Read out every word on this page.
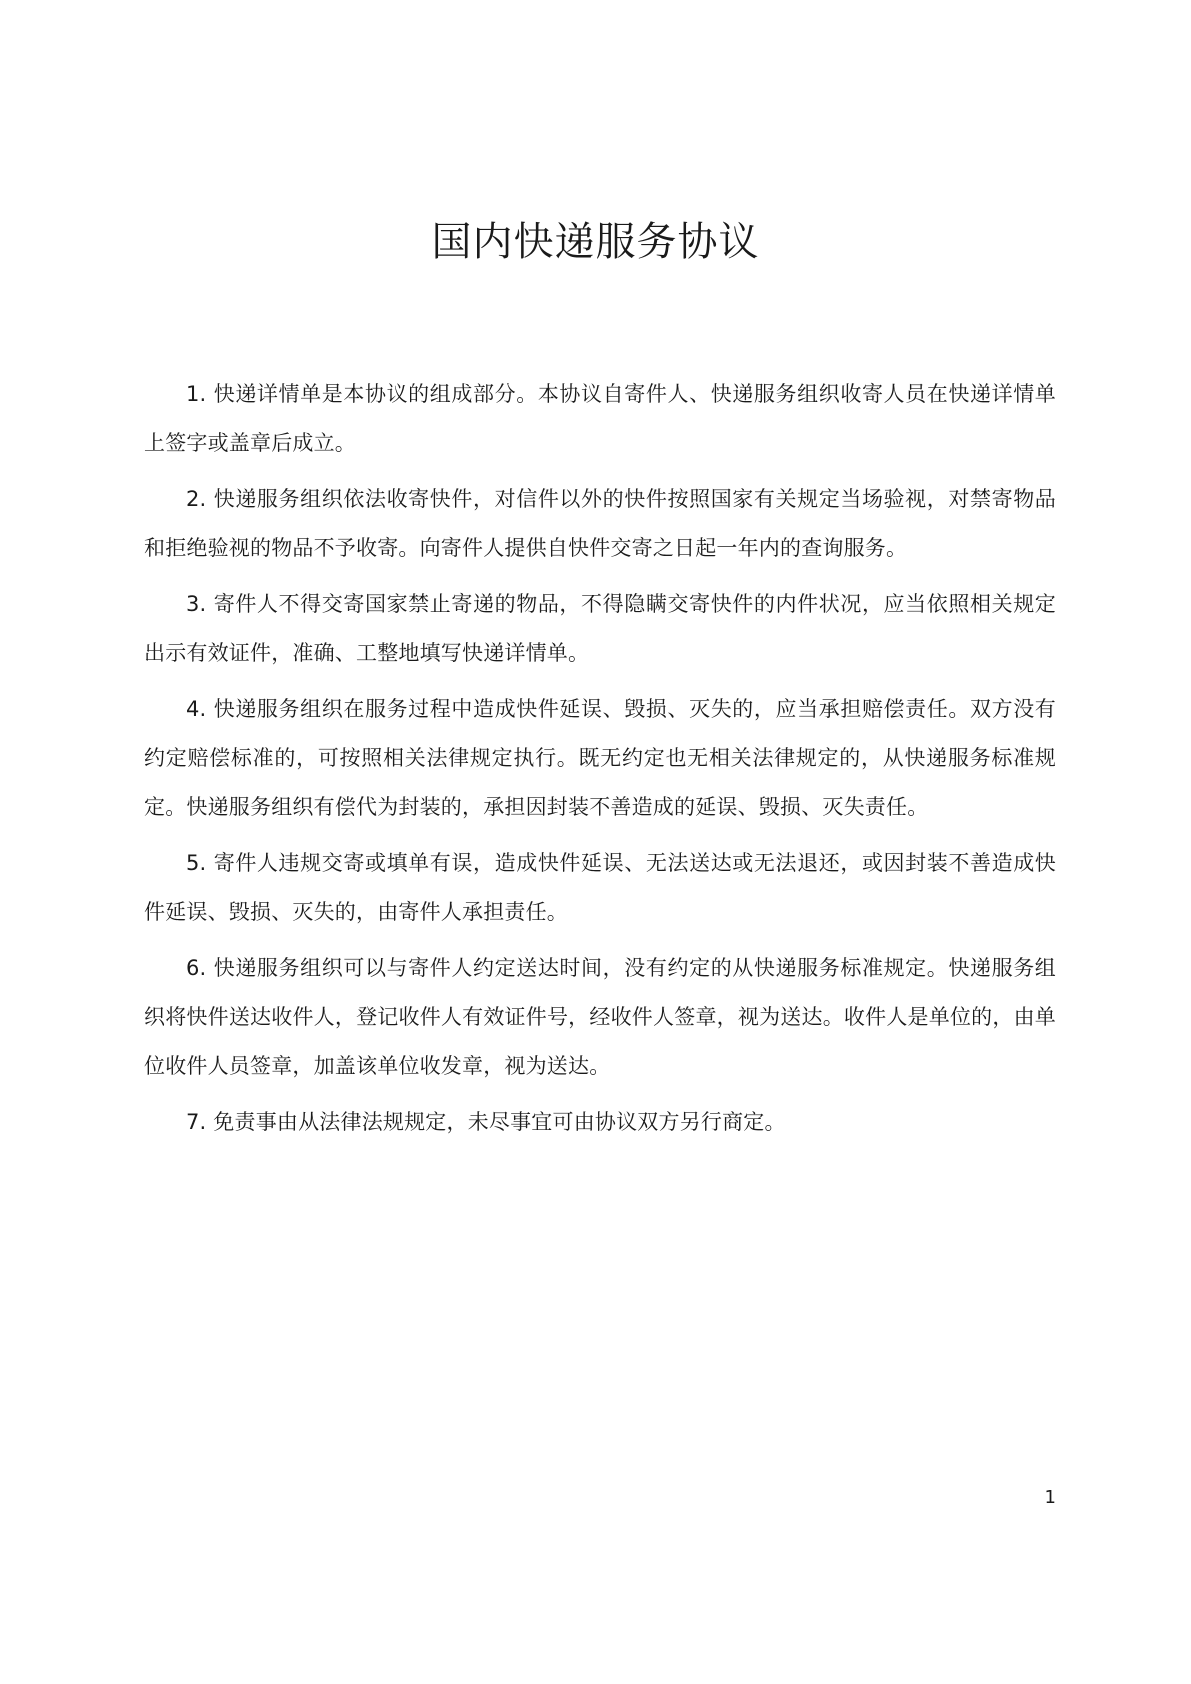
国内快递服务协议

1. 快递详情单是本协议的组成部分。本协议自寄件人、快递服务组织收寄人员在快递详情单上签字或盖章后成立。

2. 快递服务组织依法收寄快件，对信件以外的快件按照国家有关规定当场验视，对禁寄物品和拒绝验视的物品不予收寄。向寄件人提供自快件交寄之日起一年内的查询服务。

3. 寄件人不得交寄国家禁止寄递的物品，不得隐瞒交寄快件的内件状况，应当依照相关规定出示有效证件，准确、工整地填写快递详情单。

4. 快递服务组织在服务过程中造成快件延误、毁损、灭失的，应当承担赔偿责任。双方没有约定赔偿标准的，可按照相关法律规定执行。既无约定也无相关法律规定的，从快递服务标准规定。快递服务组织有偿代为封装的，承担因封装不善造成的延误、毁损、灭失责任。

5. 寄件人违规交寄或填单有误，造成快件延误、无法送达或无法退还，或因封装不善造成快件延误、毁损、灭失的，由寄件人承担责任。

6. 快递服务组织可以与寄件人约定送达时间，没有约定的从快递服务标准规定。快递服务组织将快件送达收件人，登记收件人有效证件号，经收件人签章，视为送达。收件人是单位的，由单位收件人员签章，加盖该单位收发章，视为送达。

7. 免责事由从法律法规规定，未尽事宜可由协议双方另行商定。

1
